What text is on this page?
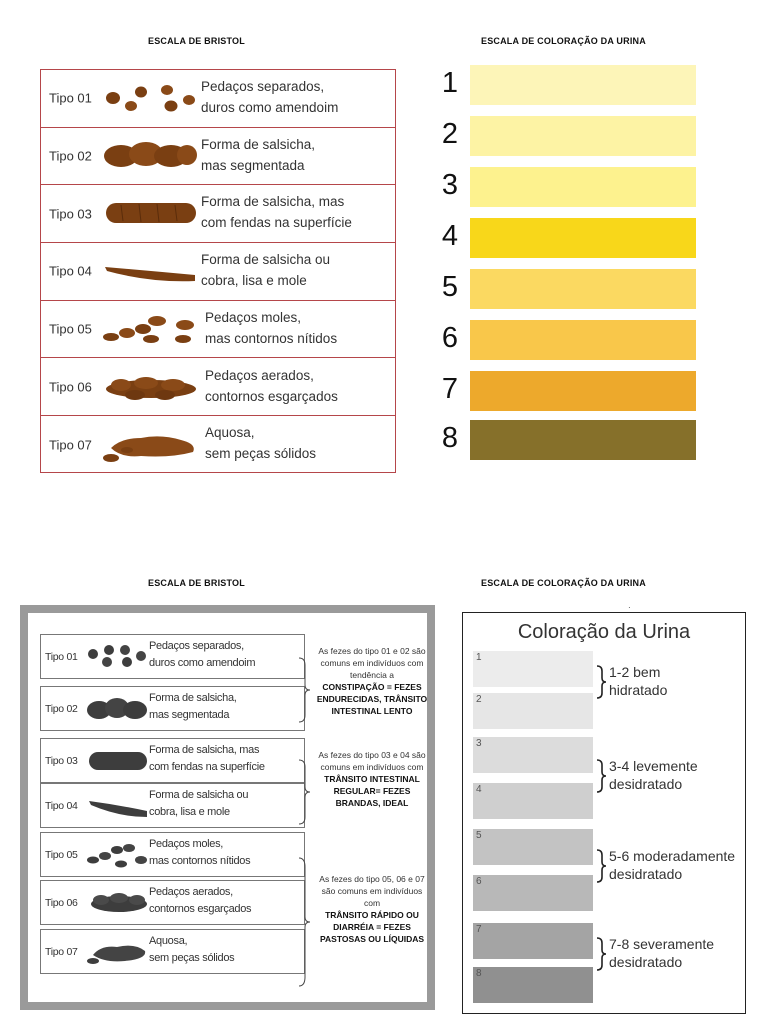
ESCALA DE BRISTOL	ESCALA DE COLORAÇÃO DA URINA
ESCALA DE BRISTOL	ESCALA DE COLORAÇÃO DA URINA
Tipo 01
Pedaços separados,
duros como amendoim
Tipo 02
Forma de salsicha,
mas segmentada
Tipo 03
Forma de salsicha, mas
com fendas na superfície
Tipo 04
Forma de salsicha ou
cobra, lisa e mole
Tipo 05
Pedaços moles,
mas contornos nítidos
Tipo 06
Pedaços aerados,
contornos esgarçados
Tipo 07
Aquosa,
sem peças sólidos
1
2
3
4
5
6
7
8
Tipo 01
Pedaços separados,
duros como amendoim
Tipo 02
Forma de salsicha,
mas segmentada
Tipo 03
Forma de salsicha, mas
com fendas na superfície
Tipo 04
Forma de salsicha ou
cobra, lisa e mole
Tipo 05
Pedaços moles,
mas contornos nítidos
Tipo 06
Pedaços aerados,
contornos esgarçados
Tipo 07
Aquosa,
sem peças sólidos
As fezes do tipo 01 e 02 são comuns em indivíduos com tendência a
CONSTIPAÇÃO = FEZES ENDURECIDAS, TRÂNSITO INTESTINAL LENTO
As fezes do tipo 03 e 04 são comuns em indivíduos com
TRÂNSITO INTESTINAL REGULAR= FEZES BRANDAS, IDEAL
As fezes do tipo 05, 06 e 07 são comuns em indivíduos com
TRÂNSITO RÁPIDO OU DIARRÉIA = FEZES PASTOSAS OU LÍQUIDAS
·
Coloração da Urina
1
2
3
4
5
6
7
8
1-2 bem
hidratado
3-4 levemente
desidratado
5-6 moderadamente
desidratado
7-8 severamente
desidratado
